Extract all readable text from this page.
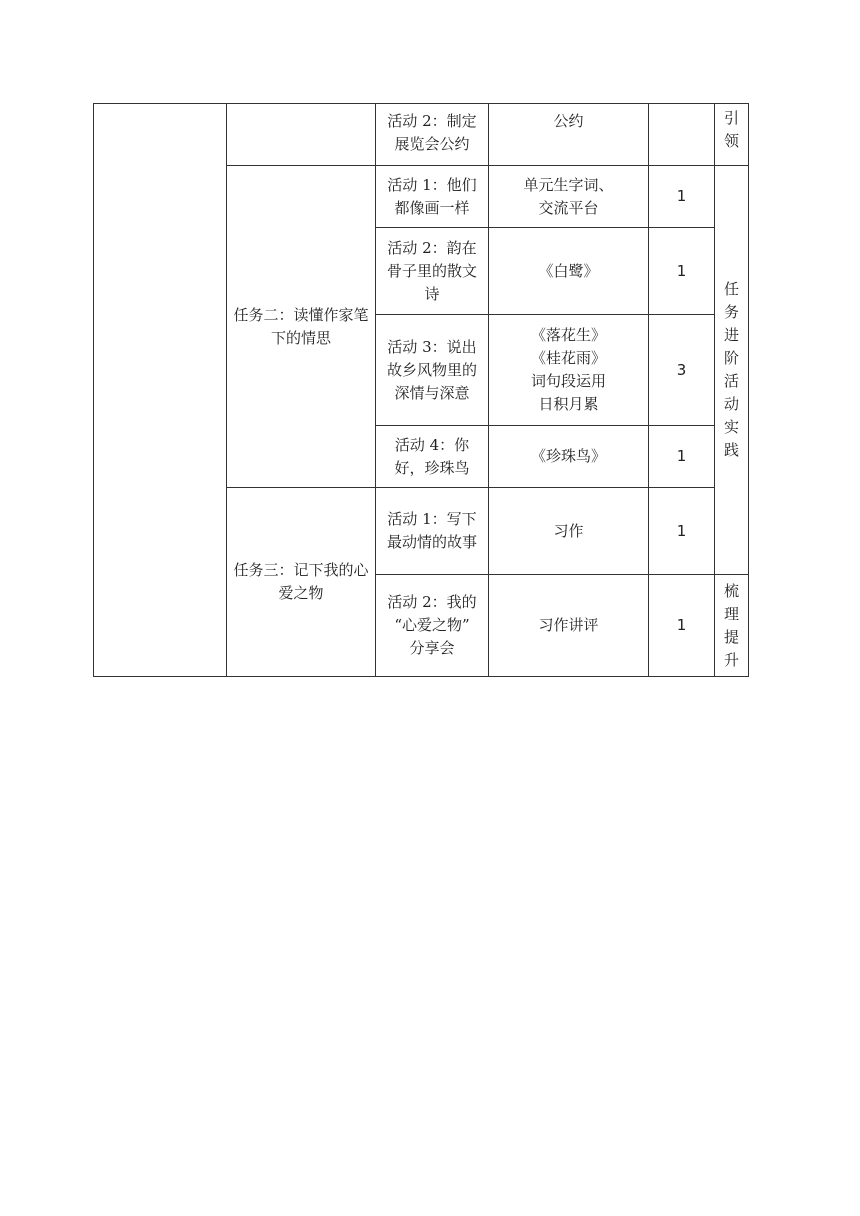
		活动 2：制定展览会公约	公约		引领

	任务二：读懂作家笔下的情思	活动 1：他们都像画一样	单元生字词、
交流平台	1	任务进阶活动实践

		活动 2：韵在骨子里的散文诗	《白鹭》	1	
		活动 3：说出故乡风物里的深情与深意	《落花生》
《桂花雨》
词句段运用
日积月累	3	
		活动 4：你好，珍珠鸟	《珍珠鸟》	1	
	任务三：记下我的心爱之物	活动 1：写下最动情的故事	习作	1	

		活动 2：我的
“心爱之物”
分享会	习作讲评	1	梳理提升
